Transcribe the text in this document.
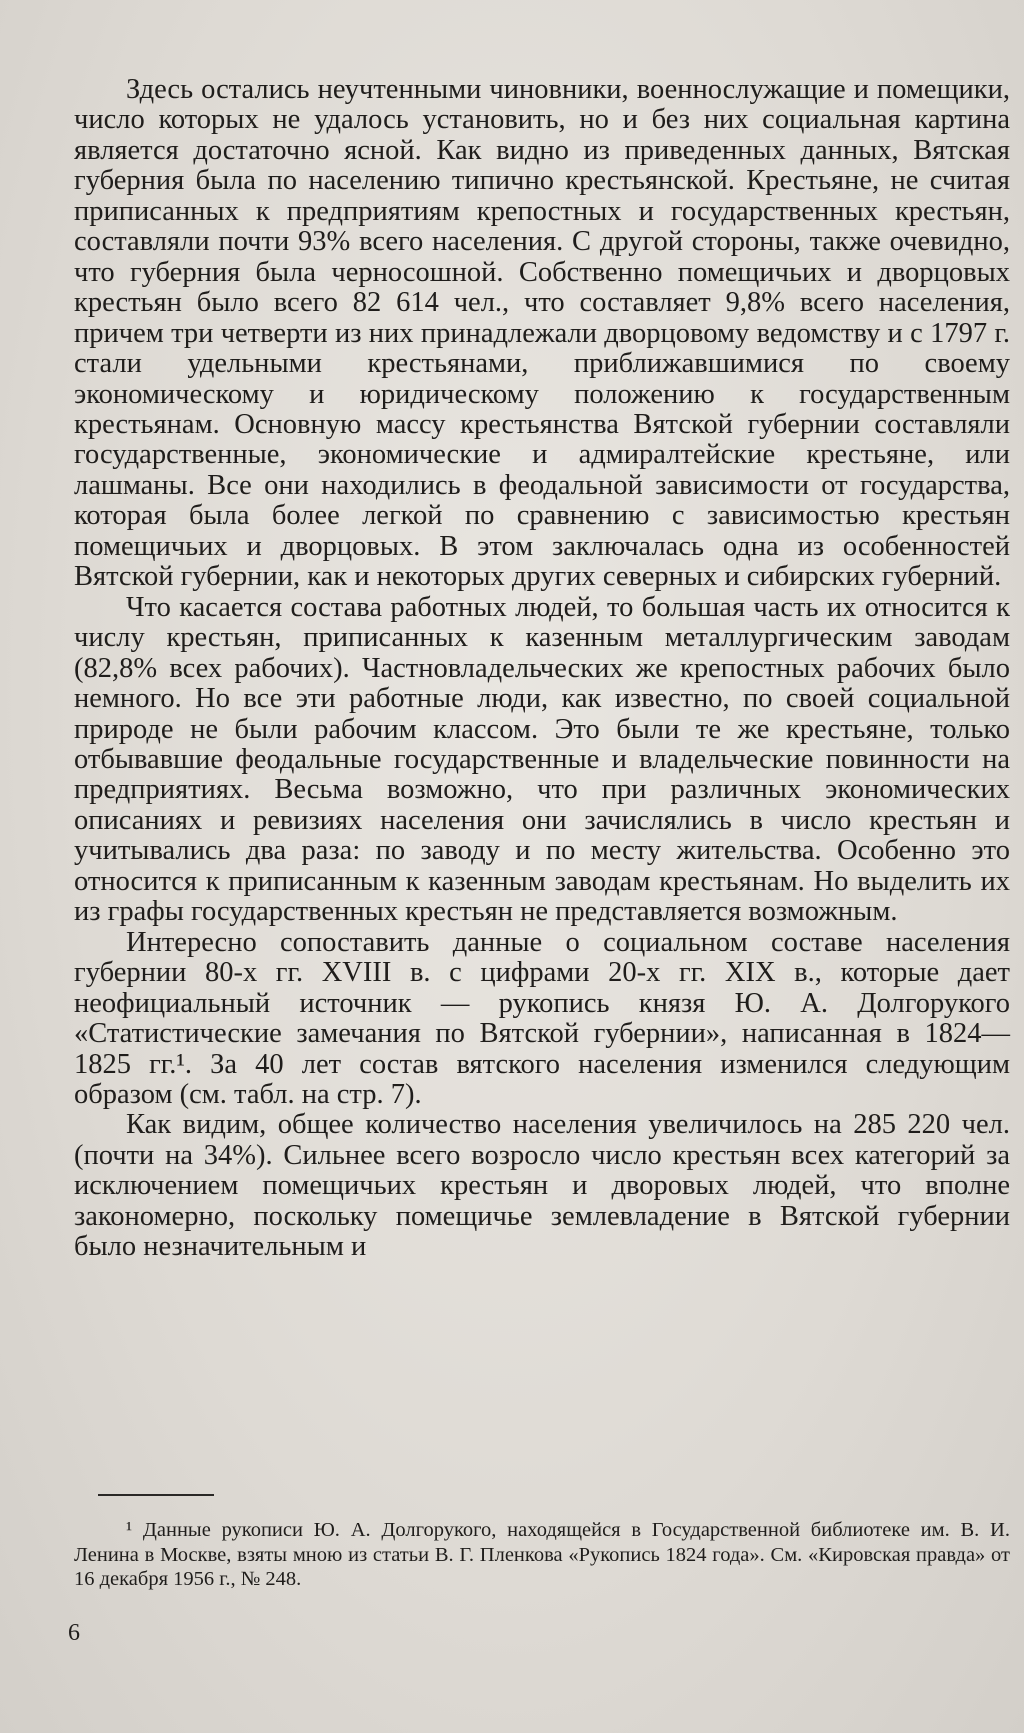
Здесь остались неучтенными чиновники, военнослужащие и помещики, число которых не удалось установить, но и без них социальная картина является достаточно ясной. Как видно из приведенных данных, Вятская губерния была по населению типично крестьянской. Крестьяне, не считая приписанных к предприятиям крепостных и государственных крестьян, составляли почти 93% всего населения. С другой стороны, также очевидно, что губерния была черносошной. Собственно помещичьих и дворцовых крестьян было всего 82 614 чел., что составляет 9,8% всего населения, причем три четверти из них принадлежали дворцовому ведомству и с 1797 г. стали удельными крестьянами, приближавшимися по своему экономическому и юридическому положению к государственным крестьянам. Основную массу крестьянства Вятской губернии составляли государственные, экономические и адмиралтейские крестьяне, или лашманы. Все они находились в феодальной зависимости от государства, которая была более легкой по сравнению с зависимостью крестьян помещичьих и дворцовых. В этом заключалась одна из особенностей Вятской губернии, как и некоторых других северных и сибирских губерний.

Что касается состава работных людей, то большая часть их относится к числу крестьян, приписанных к казенным металлургическим заводам (82,8% всех рабочих). Частновладельческих же крепостных рабочих было немного. Но все эти работные люди, как известно, по своей социальной природе не были рабочим классом. Это были те же крестьяне, только отбывавшие феодальные государственные и владельческие повинности на предприятиях. Весьма возможно, что при различных экономических описаниях и ревизиях населения они зачислялись в число крестьян и учитывались два раза: по заводу и по месту жительства. Особенно это относится к приписанным к казенным заводам крестьянам. Но выделить их из графы государственных крестьян не представляется возможным.

Интересно сопоставить данные о социальном составе населения губернии 80-х гг. XVIII в. с цифрами 20-х гг. XIX в., которые дает неофициальный источник — рукопись князя Ю. А. Долгорукого «Статистические замечания по Вятской губернии», написанная в 1824—1825 гг.¹. За 40 лет состав вятского населения изменился следующим образом (см. табл. на стр. 7).

Как видим, общее количество населения увеличилось на 285 220 чел. (почти на 34%). Сильнее всего возросло число крестьян всех категорий за исключением помещичьих крестьян и дворовых людей, что вполне закономерно, поскольку помещичье землевладение в Вятской губернии было незначительным и

¹ Данные рукописи Ю. А. Долгорукого, находящейся в Государственной библиотеке им. В. И. Ленина в Москве, взяты мною из статьи В. Г. Пленкова «Рукопись 1824 года». См. «Кировская правда» от 16 декабря 1956 г., № 248.
6
